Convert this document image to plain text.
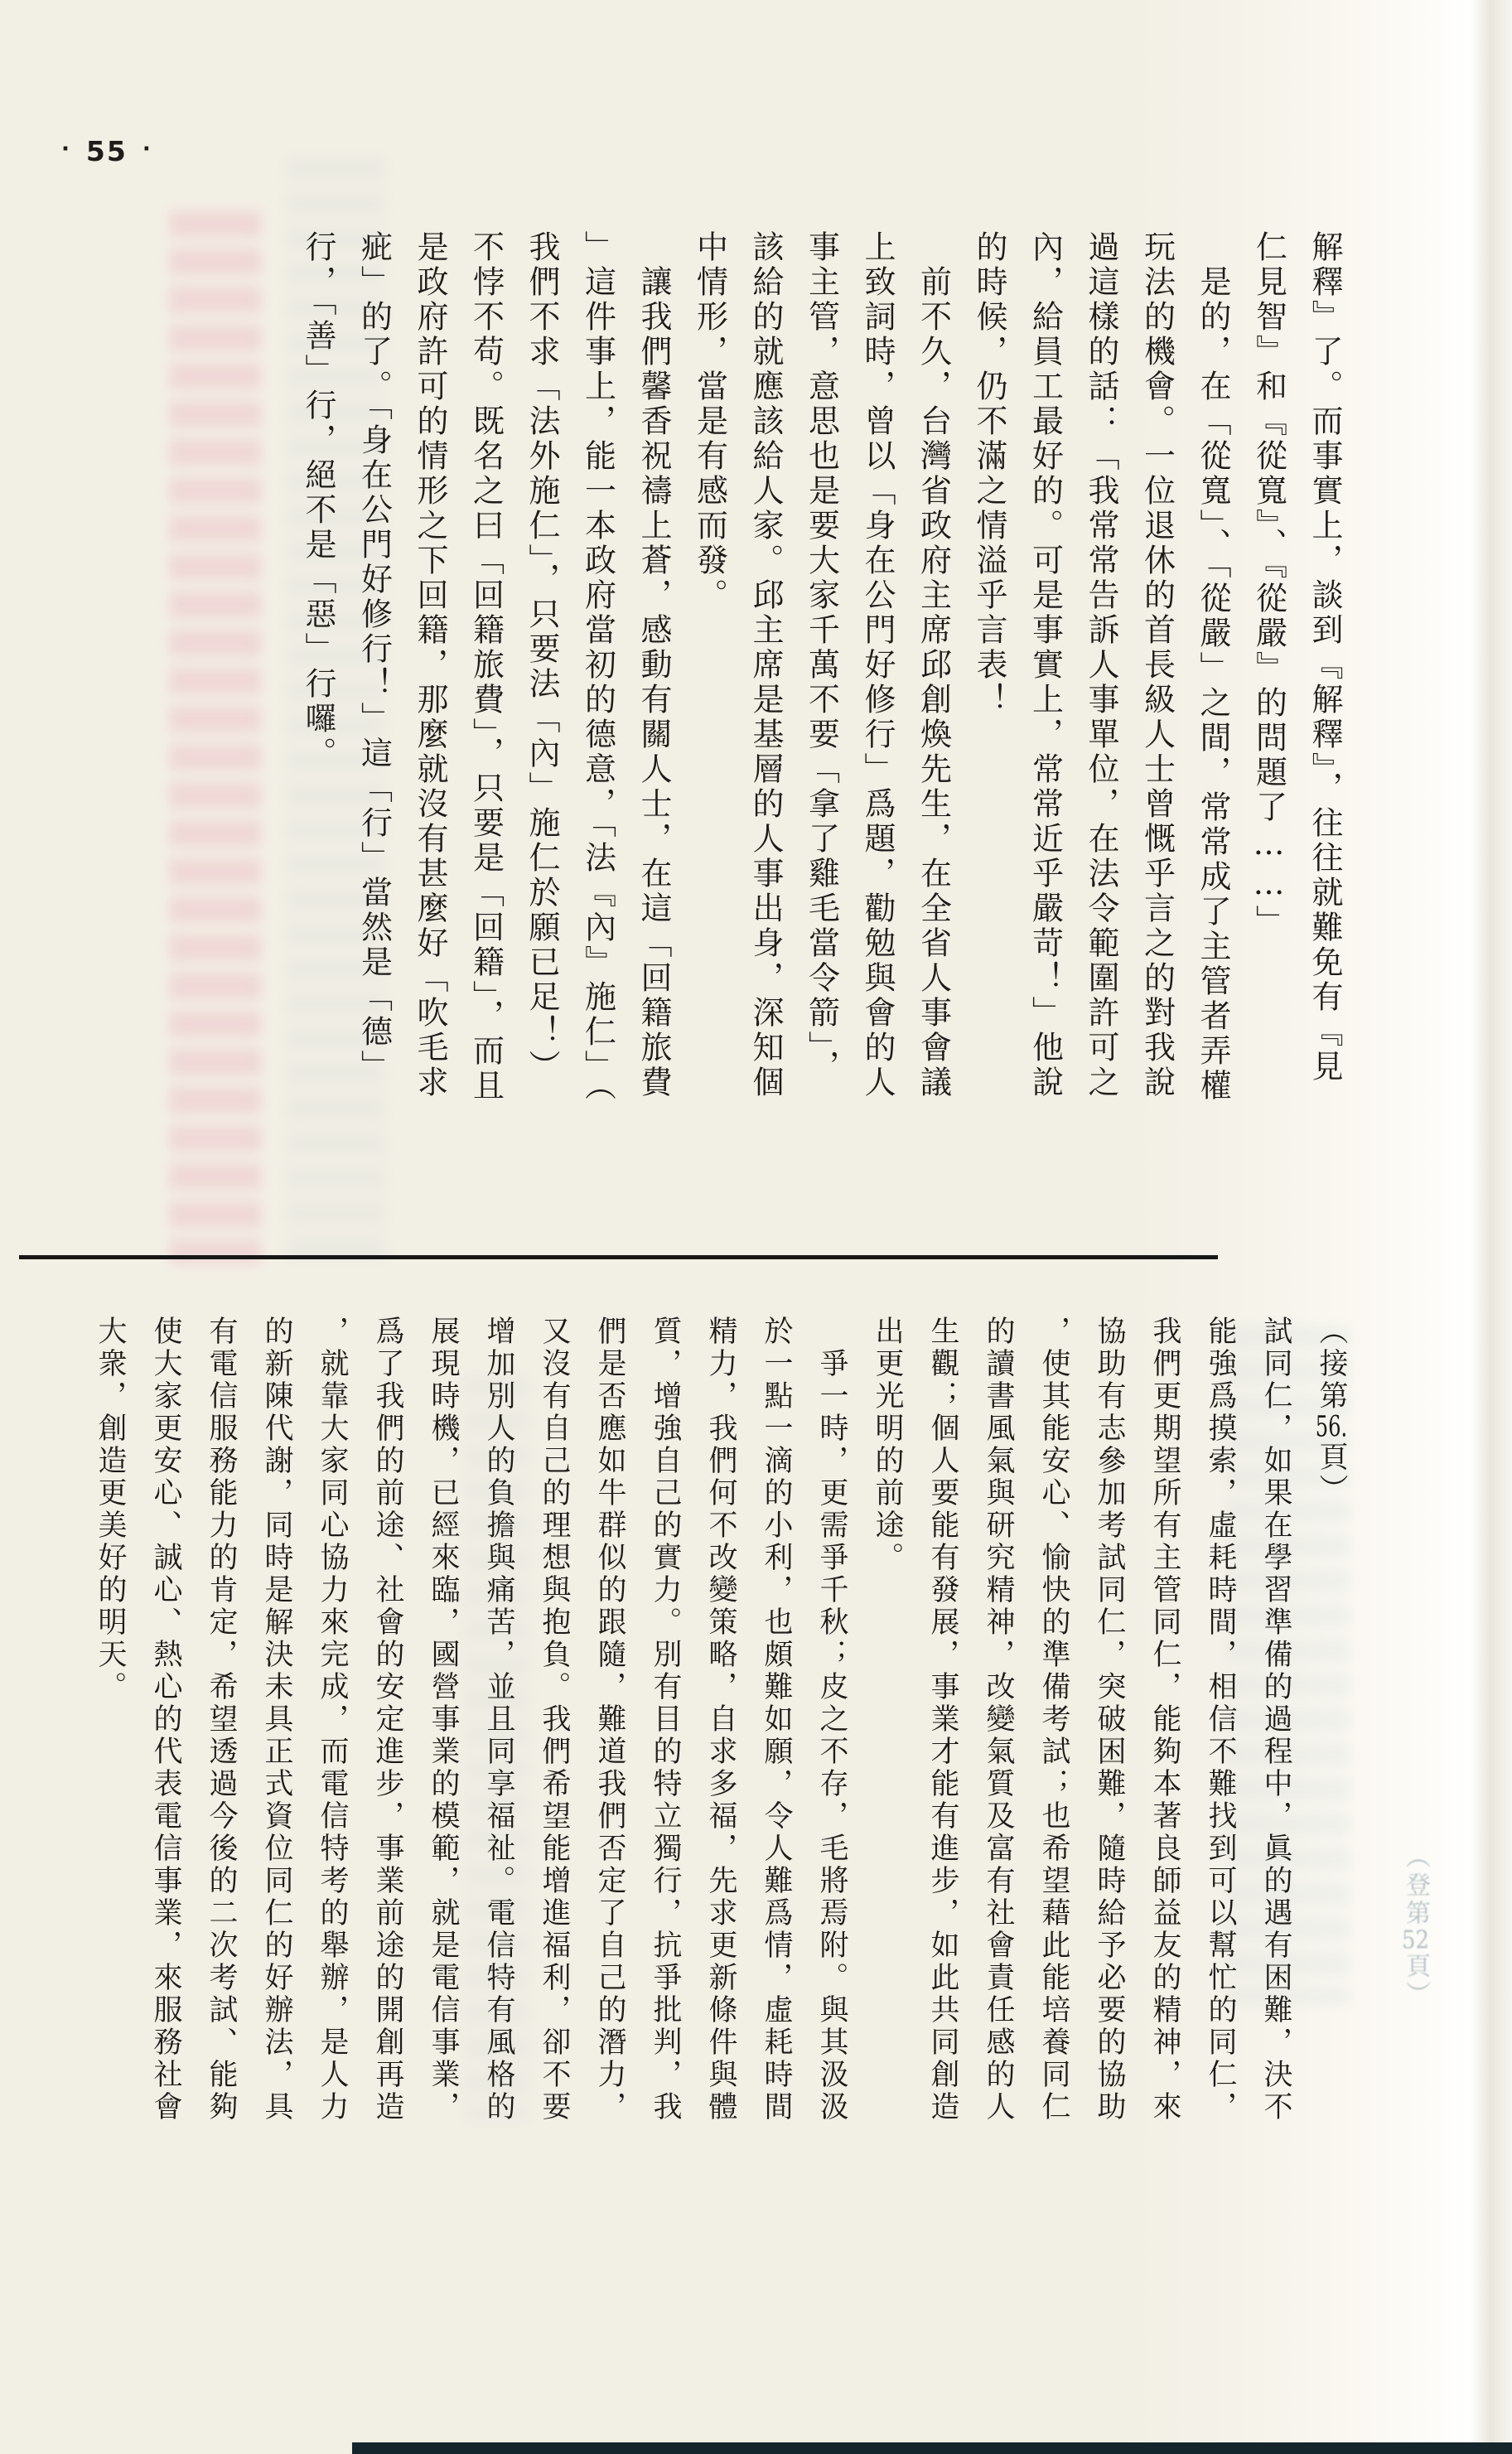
· 55 ·

解釋』了。而事實上，談到『解釋』，往往就難免有『見仁見智』和『從寬』、『從嚴』的問題了……」

是的，在「從寬」、「從嚴」之間，常常成了主管者弄權玩法的機會。一位退休的首長級人士曾慨乎言之的對我說過這樣的話：「我常常告訴人事單位，在法令範圍許可之內，給員工最好的。可是事實上，常常近乎嚴苛！」他說的時候，仍不滿之情溢乎言表！

前不久，台灣省政府主席邱創煥先生，在全省人事會議上致詞時，曾以「身在公門好修行」爲題，勸勉與會的人事主管，意思也是要大家千萬不要「拿了雞毛當令箭」，該給的就應該給人家。邱主席是基層的人事出身，深知個中情形，當是有感而發。

讓我們馨香祝禱上蒼，感動有關人士，在這「回籍旅費」這件事上，能一本政府當初的德意，「法『內』施仁」（我們不求「法外施仁」，只要法「內」施仁於願已足！）不悖不苟。既名之曰「回籍旅費」，只要是「回籍」，而且是政府許可的情形之下回籍，那麼就沒有甚麼好「吹毛求疵」的了。「身在公門好修行！」這「行」當然是「德」行，「善」行，絕不是「惡」行囉。

（接第56.頁）

試同仁，如果在學習準備的過程中，眞的遇有困難，決不能強爲摸索，虛耗時間，相信不難找到可以幫忙的同仁，我們更期望所有主管同仁，能夠本著良師益友的精神，來協助有志參加考試同仁，突破困難，隨時給予必要的協助，使其能安心、愉快的準備考試；也希望藉此能培養同仁的讀書風氣與研究精神，改變氣質及富有社會責任感的人生觀；個人要能有發展，事業才能有進步，如此共同創造出更光明的前途。

爭一時，更需爭千秋；皮之不存，毛將焉附。與其汲汲於一點一滴的小利，也頗難如願，令人難爲情，虛耗時間精力，我們何不改變策略，自求多福，先求更新條件與體質，增強自己的實力。別有目的特立獨行，抗爭批判，我們是否應如牛群似的跟隨，難道我們否定了自己的潛力，又沒有自己的理想與抱負。我們希望能增進福利，卻不要增加別人的負擔與痛苦，並且同享福祉。電信特有風格的展現時機，已經來臨，國營事業的模範，就是電信事業，爲了我們的前途、社會的安定進步，事業前途的開創再造，就靠大家同心協力來完成，而電信特考的舉辦，是人力的新陳代謝，同時是解決未具正式資位同仁的好辦法，具有電信服務能力的肯定，希望透過今後的二次考試、能夠使大家更安心、誠心、熱心的代表電信事業，來服務社會大衆，創造更美好的明天。

（登第52頁）
